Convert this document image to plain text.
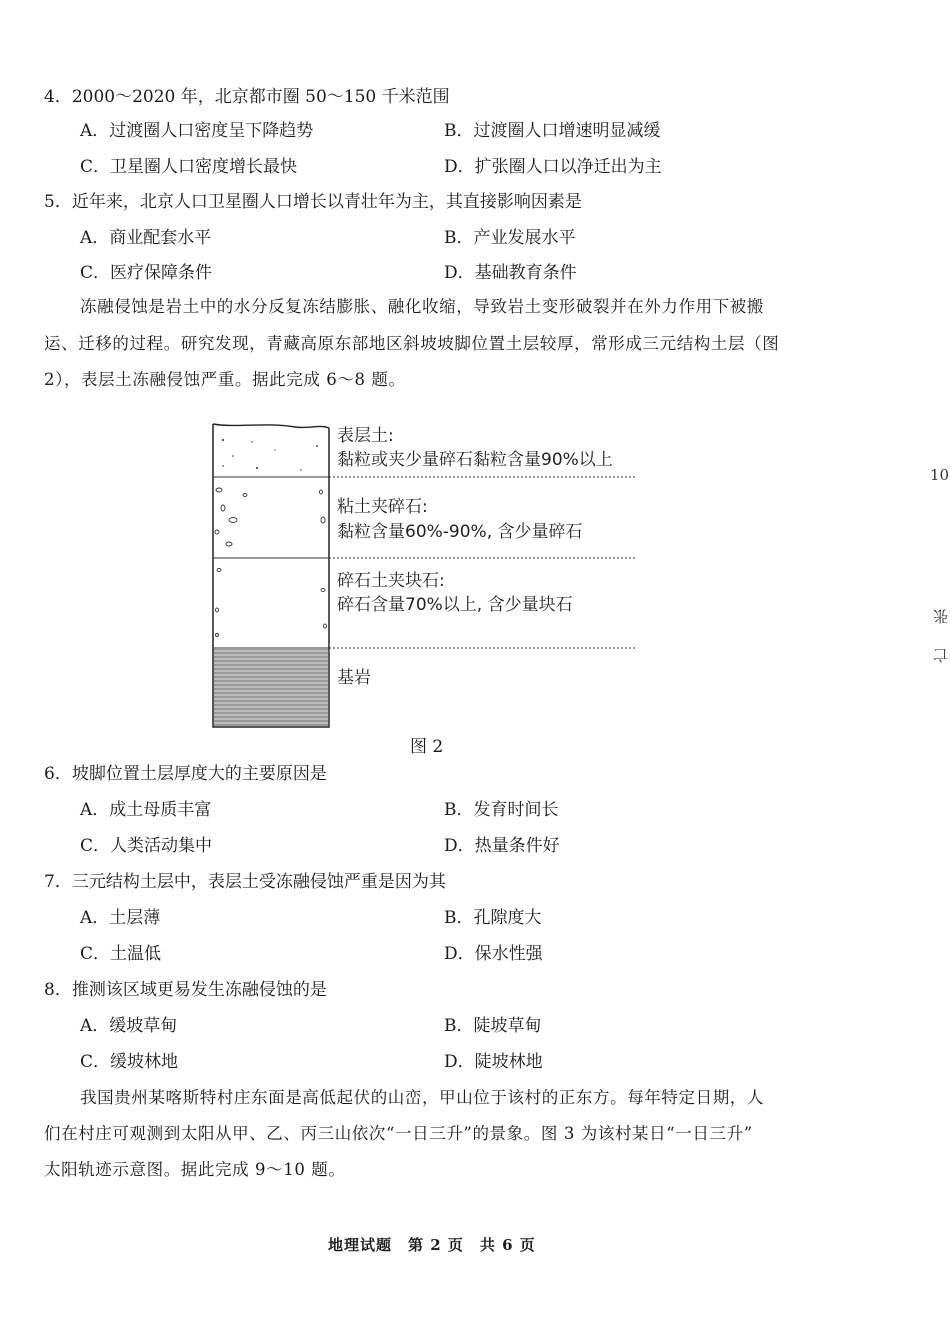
4．2000～2020 年，北京都市圈 50～150 千米范围
A．过渡圈人口密度呈下降趋势	B．过渡圈人口增速明显减缓
C．卫星圈人口密度增长最快	D．扩张圈人口以净迁出为主
5．近年来，北京人口卫星圈人口增长以青壮年为主，其直接影响因素是
A．商业配套水平	B．产业发展水平
C．医疗保障条件	D．基础教育条件
冻融侵蚀是岩土中的水分反复冻结膨胀、融化收缩，导致岩土变形破裂并在外力作用下被搬
运、迁移的过程。研究发现，青藏高原东部地区斜坡坡脚位置土层较厚，常形成三元结构土层（图
2），表层土冻融侵蚀严重。据此完成 6～8 题。
表层土:
黏粒或夹少量碎石黏粒含量90%以上
粘土夹碎石:
黏粒含量60%-90%, 含少量碎石
碎石土夹块石:
碎石含量70%以上, 含少量块石
基岩
图 2
6．坡脚位置土层厚度大的主要原因是
A．成土母质丰富	B．发育时间长
C．人类活动集中	D．热量条件好
7．三元结构土层中，表层土受冻融侵蚀严重是因为其
A．土层薄	B．孔隙度大
C．土温低	D．保水性强
8．推测该区域更易发生冻融侵蚀的是
A．缓坡草甸	B．陡坡草甸
C．缓坡林地	D．陡坡林地
我国贵州某喀斯特村庄东面是高低起伏的山峦，甲山位于该村的正东方。每年特定日期，人
们在村庄可观测到太阳从甲、乙、丙三山依次“一日三升”的景象。图 3 为该村某日“一日三升”
太阳轨迹示意图。据此完成 9～10 题。
地理试题　第 2 页　共 6 页
10
张
亡
